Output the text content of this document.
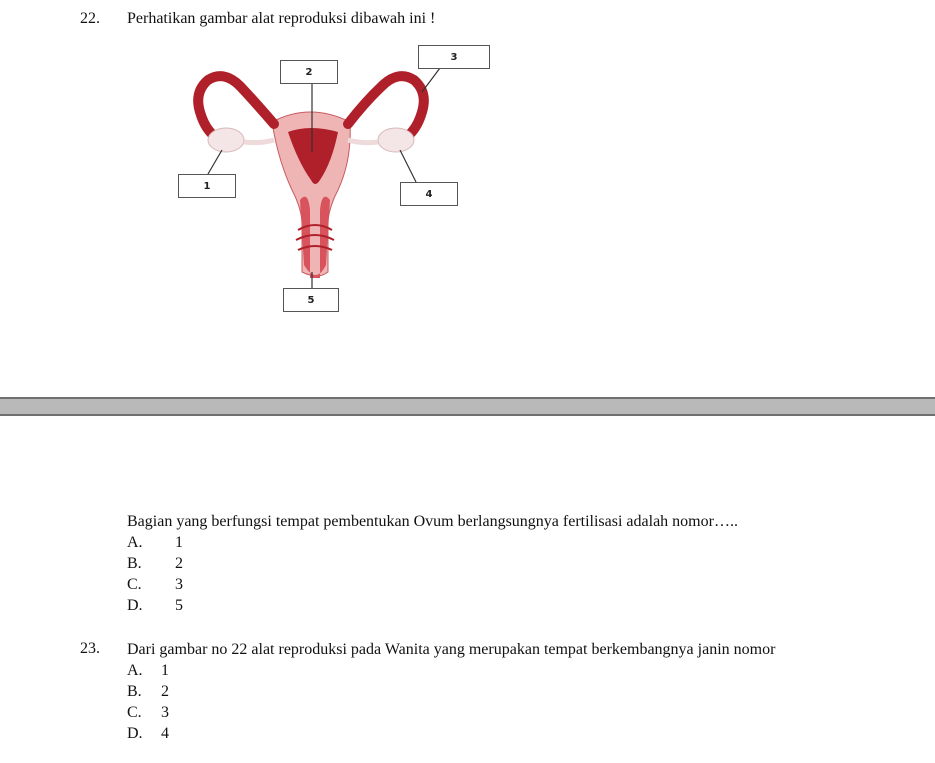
22. Perhatikan gambar alat reproduksi dibawah ini !
2
3
1
4
5
Bagian yang berfungsi tempat pembentukan Ovum berlangsungnya fertilisasi adalah nomor…..
A. 1
B. 2
C. 3
D. 5
23. Dari gambar no 22 alat reproduksi pada Wanita yang merupakan tempat berkembangnya janin nomor
A. 1
B. 2
C. 3
D. 4
